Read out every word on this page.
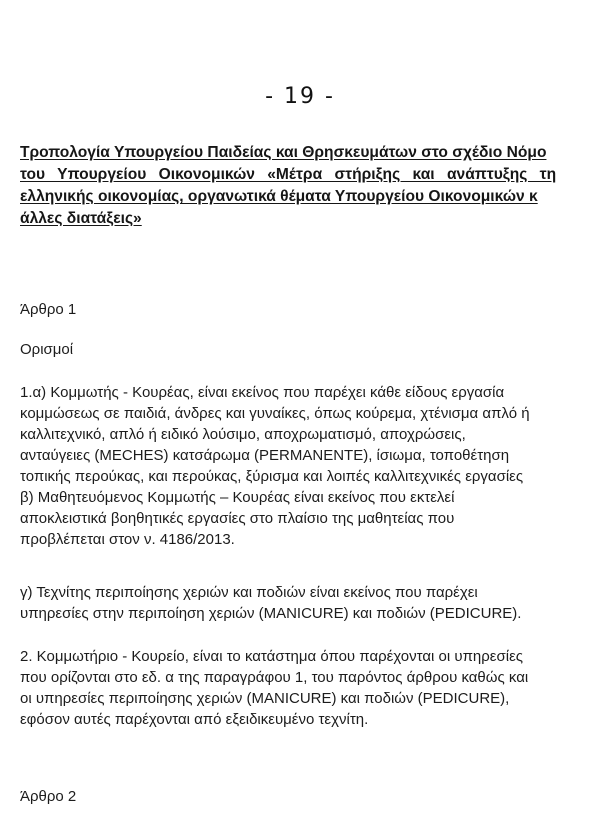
- 19 -
Τροπολογία Υπουργείου Παιδείας και Θρησκευμάτων στο σχέδιο Νόμο
του Υπουργείου Οικονομικών «Μέτρα στήριξης και ανάπτυξης τη
ελληνικής οικονομίας, οργανωτικά θέματα Υπουργείου Οικονομικών κ
άλλες διατάξεις»
Άρθρο 1
Ορισμοί
1.α) Κομμωτής - Κουρέας, είναι εκείνος που παρέχει κάθε είδους εργασία
κομμώσεως σε παιδιά, άνδρες και γυναίκες, όπως κούρεμα, χτένισμα απλό ή
καλλιτεχνικό, απλό ή ειδικό λούσιμο, αποχρωματισμό, αποχρώσεις,
ανταύγειες (MECHES) κατσάρωμα (PERMANENTE), ίσιωμα, τοποθέτηση
τοπικής περούκας, και περούκας, ξύρισμα και λοιπές καλλιτεχνικές εργασίες
β) Μαθητευόμενος Κομμωτής – Κουρέας είναι εκείνος που εκτελεί
αποκλειστικά βοηθητικές εργασίες στο πλαίσιο της μαθητείας που
προβλέπεται στον ν. 4186/2013.
γ) Τεχνίτης περιποίησης χεριών και ποδιών είναι εκείνος που παρέχει
υπηρεσίες στην περιποίηση χεριών (MANICURE) και ποδιών (PEDICURE).
2. Κομμωτήριο - Κουρείο, είναι το κατάστημα όπου παρέχονται οι υπηρεσίες
που ορίζονται στο εδ. α της παραγράφου 1, του παρόντος άρθρου καθώς και
οι υπηρεσίες περιποίησης χεριών (MANICURE) και ποδιών (PEDICURE),
εφόσον αυτές παρέχονται από εξειδικευμένο τεχνίτη.
Άρθρο 2
